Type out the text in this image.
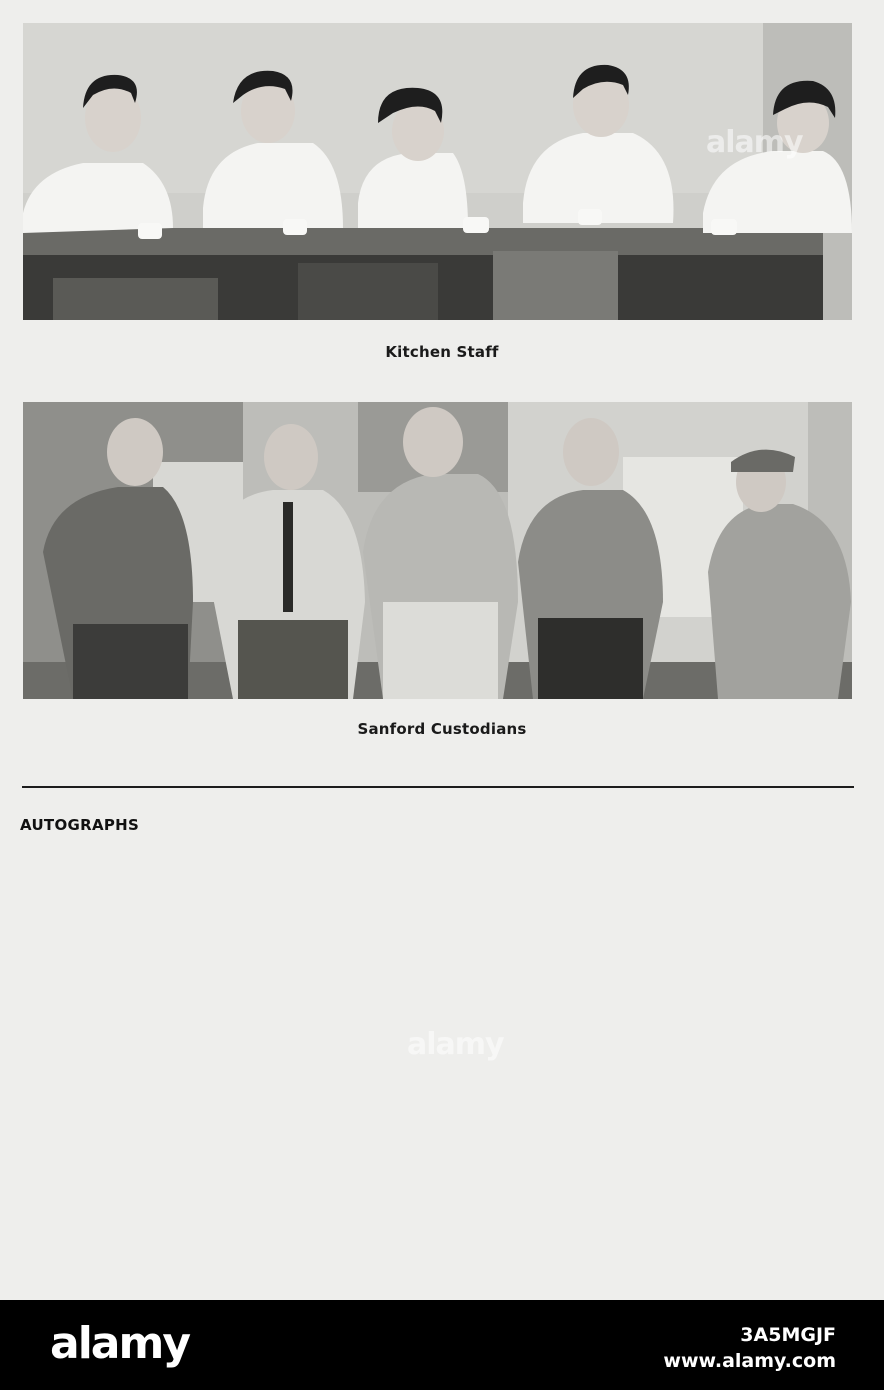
alamy
Kitchen Staff
alamy
Sanford Custodians
AUTOGRAPHS
alamy	3A5MGJF
www.alamy.com
